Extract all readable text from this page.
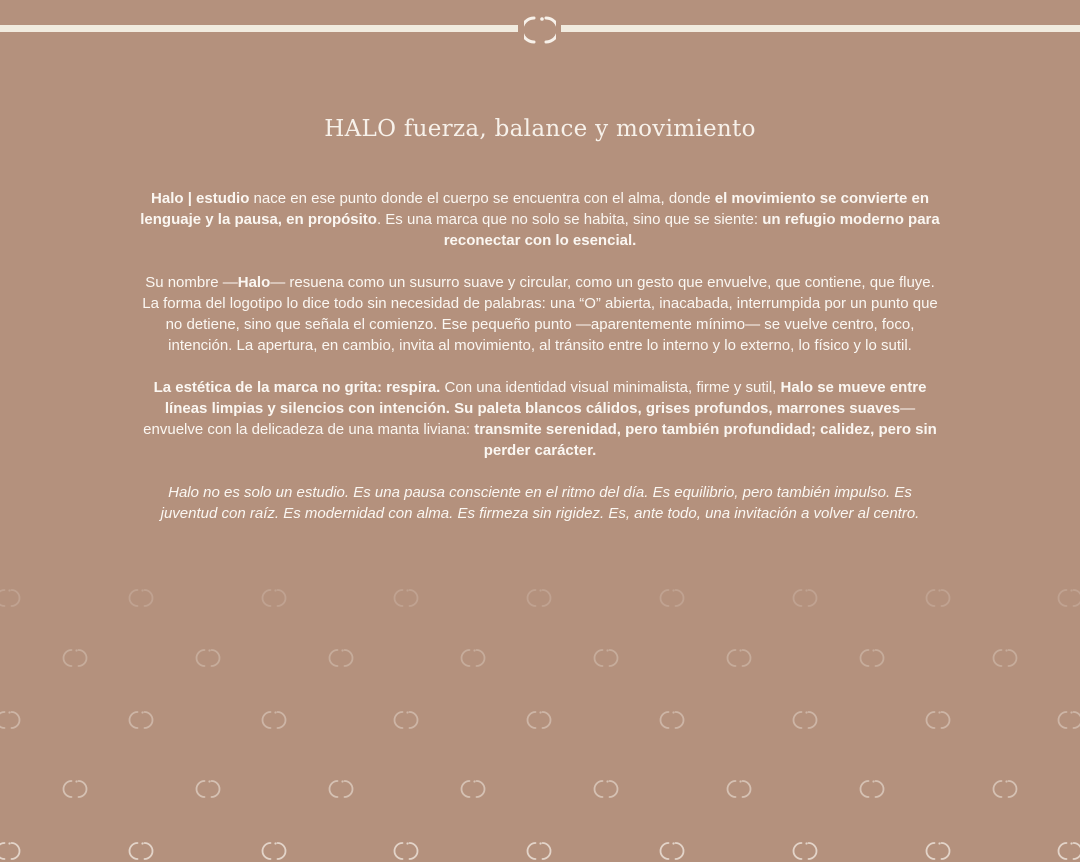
HALO fuerza, balance y movimiento

Halo | estudio nace en ese punto donde el cuerpo se encuentra con el alma, donde el movimiento se convierte en lenguaje y la pausa, en propósito. Es una marca que no solo se habita, sino que se siente: un refugio moderno para reconectar con lo esencial.

Su nombre —Halo— resuena como un susurro suave y circular, como un gesto que envuelve, que contiene, que fluye. La forma del logotipo lo dice todo sin necesidad de palabras: una “O” abierta, inacabada, interrumpida por un punto que no detiene, sino que señala el comienzo. Ese pequeño punto —aparentemente mínimo— se vuelve centro, foco, intención. La apertura, en cambio, invita al movimiento, al tránsito entre lo interno y lo externo, lo físico y lo sutil.

La estética de la marca no grita: respira. Con una identidad visual minimalista, firme y sutil, Halo se mueve entre líneas limpias y silencios con intención. Su paleta blancos cálidos, grises profundos, marrones suaves— envuelve con la delicadeza de una manta liviana: transmite serenidad, pero también profundidad; calidez, pero sin perder carácter.

Halo no es solo un estudio. Es una pausa consciente en el ritmo del día. Es equilibrio, pero también impulso. Es juventud con raíz. Es modernidad con alma. Es firmeza sin rigidez. Es, ante todo, una invitación a volver al centro.
